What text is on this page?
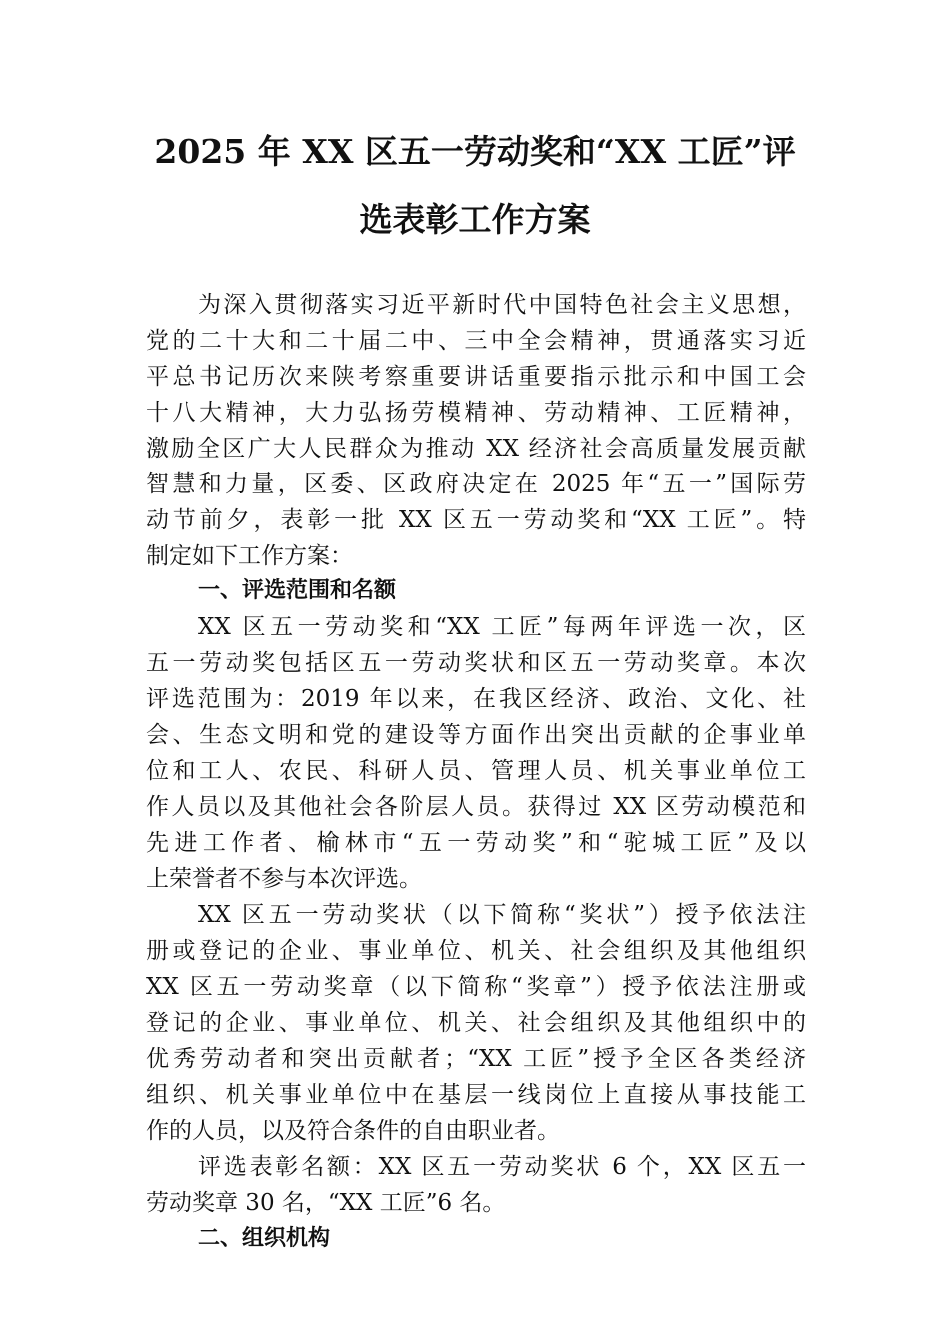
2025 年 XX 区五一劳动奖和“XX 工匠”评
选表彰工作方案
为深入贯彻落实习近平新时代中国特色社会主义思想，
党的二十大和二十届二中、三中全会精神，贯通落实习近
平总书记历次来陕考察重要讲话重要指示批示和中国工会
十八大精神，大力弘扬劳模精神、劳动精神、工匠精神，
激励全区广大人民群众为推动 XX 经济社会高质量发展贡献
智慧和力量，区委、区政府决定在 2025 年“五一”国际劳
动节前夕，表彰一批 XX 区五一劳动奖和“XX 工匠”。特
制定如下工作方案：
一、评选范围和名额
XX 区五一劳动奖和“XX 工匠”每两年评选一次，区
五一劳动奖包括区五一劳动奖状和区五一劳动奖章。本次
评选范围为：2019 年以来，在我区经济、政治、文化、社
会、生态文明和党的建设等方面作出突出贡献的企事业单
位和工人、农民、科研人员、管理人员、机关事业单位工
作人员以及其他社会各阶层人员。获得过 XX 区劳动模范和
先进工作者、榆林市“五一劳动奖”和“驼城工匠”及以
上荣誉者不参与本次评选。
XX 区五一劳动奖状（以下简称“奖状”）授予依法注
册或登记的企业、事业单位、机关、社会组织及其他组织
XX 区五一劳动奖章（以下简称“奖章”）授予依法注册或
登记的企业、事业单位、机关、社会组织及其他组织中的
优秀劳动者和突出贡献者；“XX 工匠”授予全区各类经济
组织、机关事业单位中在基层一线岗位上直接从事技能工
作的人员，以及符合条件的自由职业者。
评选表彰名额：XX 区五一劳动奖状 6 个，XX 区五一
劳动奖章 30 名，“XX 工匠”6 名。
二、组织机构
